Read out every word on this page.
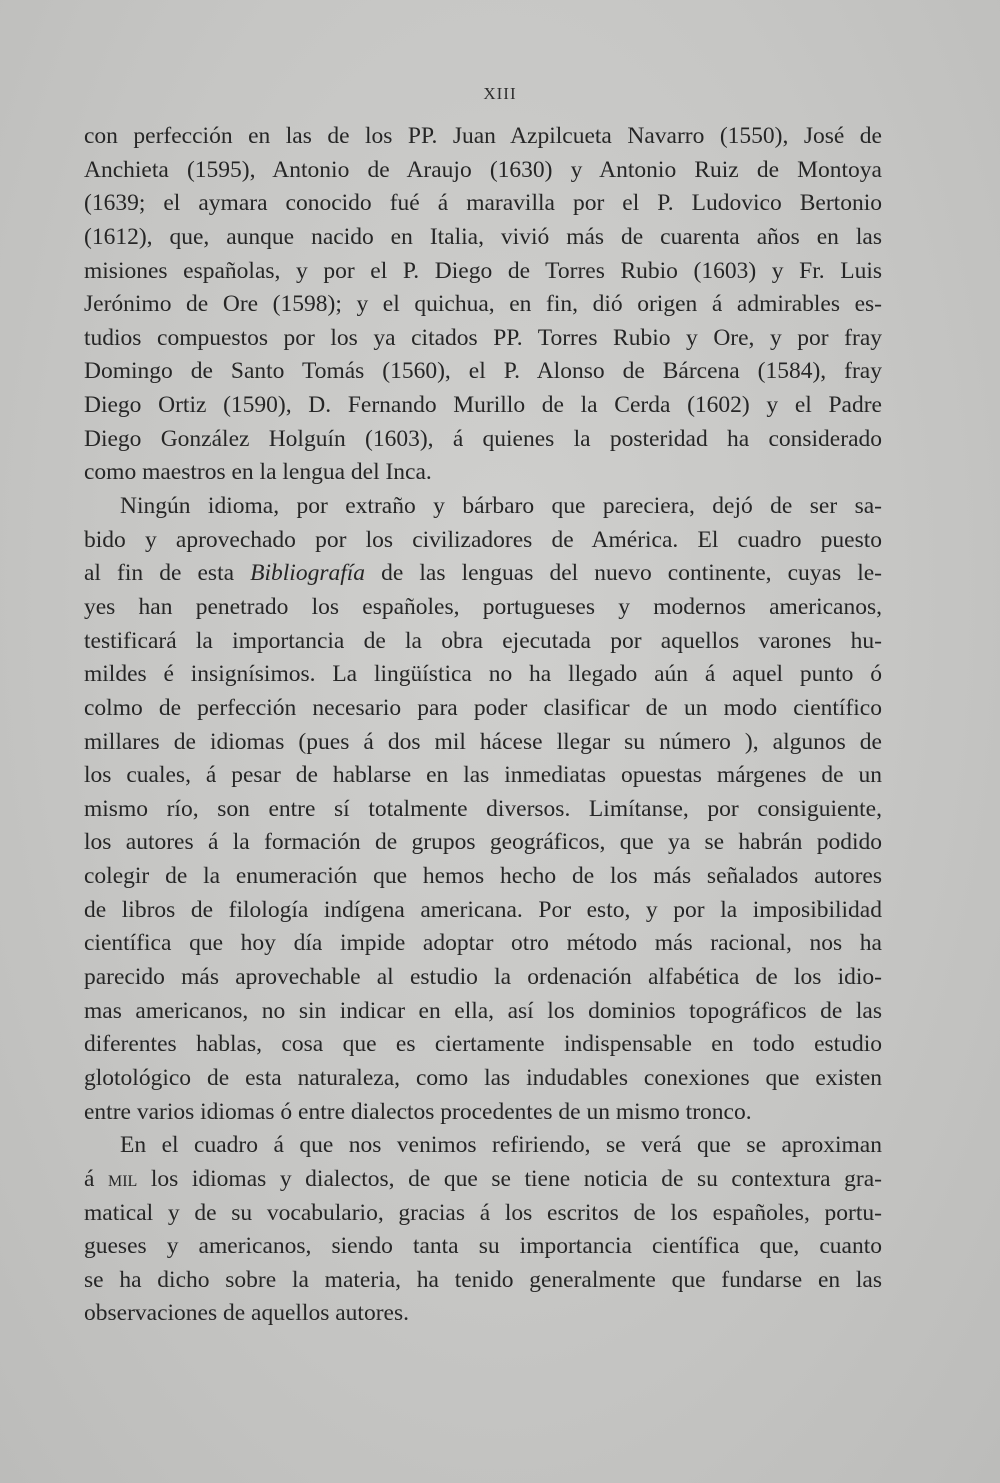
XIII
con perfección en las de los PP. Juan Azpilcueta Navarro (1550), José de
Anchieta (1595), Antonio de Araujo (1630) y Antonio Ruiz de Montoya
(1639; el aymara conocido fué á maravilla por el P. Ludovico Bertonio
(1612), que, aunque nacido en Italia, vivió más de cuarenta años en las
misiones españolas, y por el P. Diego de Torres Rubio (1603) y Fr. Luis
Jerónimo de Ore (1598); y el quichua, en fin, dió origen á admirables es-
tudios compuestos por los ya citados PP. Torres Rubio y Ore, y por fray
Domingo de Santo Tomás (1560), el P. Alonso de Bárcena (1584), fray
Diego Ortiz (1590), D. Fernando Murillo de la Cerda (1602) y el Padre
Diego González Holguín (1603), á quienes la posteridad ha considerado
como maestros en la lengua del Inca.
Ningún idioma, por extraño y bárbaro que pareciera, dejó de ser sa-
bido y aprovechado por los civilizadores de América. El cuadro puesto
al fin de esta Bibliografía de las lenguas del nuevo continente, cuyas le-
yes han penetrado los españoles, portugueses y modernos americanos,
testificará la importancia de la obra ejecutada por aquellos varones hu-
mildes é insignísimos. La lingüística no ha llegado aún á aquel punto ó
colmo de perfección necesario para poder clasificar de un modo científico
millares de idiomas (pues á dos mil hácese llegar su número ), algunos de
los cuales, á pesar de hablarse en las inmediatas opuestas márgenes de un
mismo río, son entre sí totalmente diversos. Limítanse, por consiguiente,
los autores á la formación de grupos geográficos, que ya se habrán podido
colegir de la enumeración que hemos hecho de los más señalados autores
de libros de filología indígena americana. Por esto, y por la imposibilidad
científica que hoy día impide adoptar otro método más racional, nos ha
parecido más aprovechable al estudio la ordenación alfabética de los idio-
mas americanos, no sin indicar en ella, así los dominios topográficos de las
diferentes hablas, cosa que es ciertamente indispensable en todo estudio
glotológico de esta naturaleza, como las indudables conexiones que existen
entre varios idiomas ó entre dialectos procedentes de un mismo tronco.
En el cuadro á que nos venimos refiriendo, se verá que se aproximan
á mil los idiomas y dialectos, de que se tiene noticia de su contextura gra-
matical y de su vocabulario, gracias á los escritos de los españoles, portu-
gueses y americanos, siendo tanta su importancia científica que, cuanto
se ha dicho sobre la materia, ha tenido generalmente que fundarse en las
observaciones de aquellos autores.
